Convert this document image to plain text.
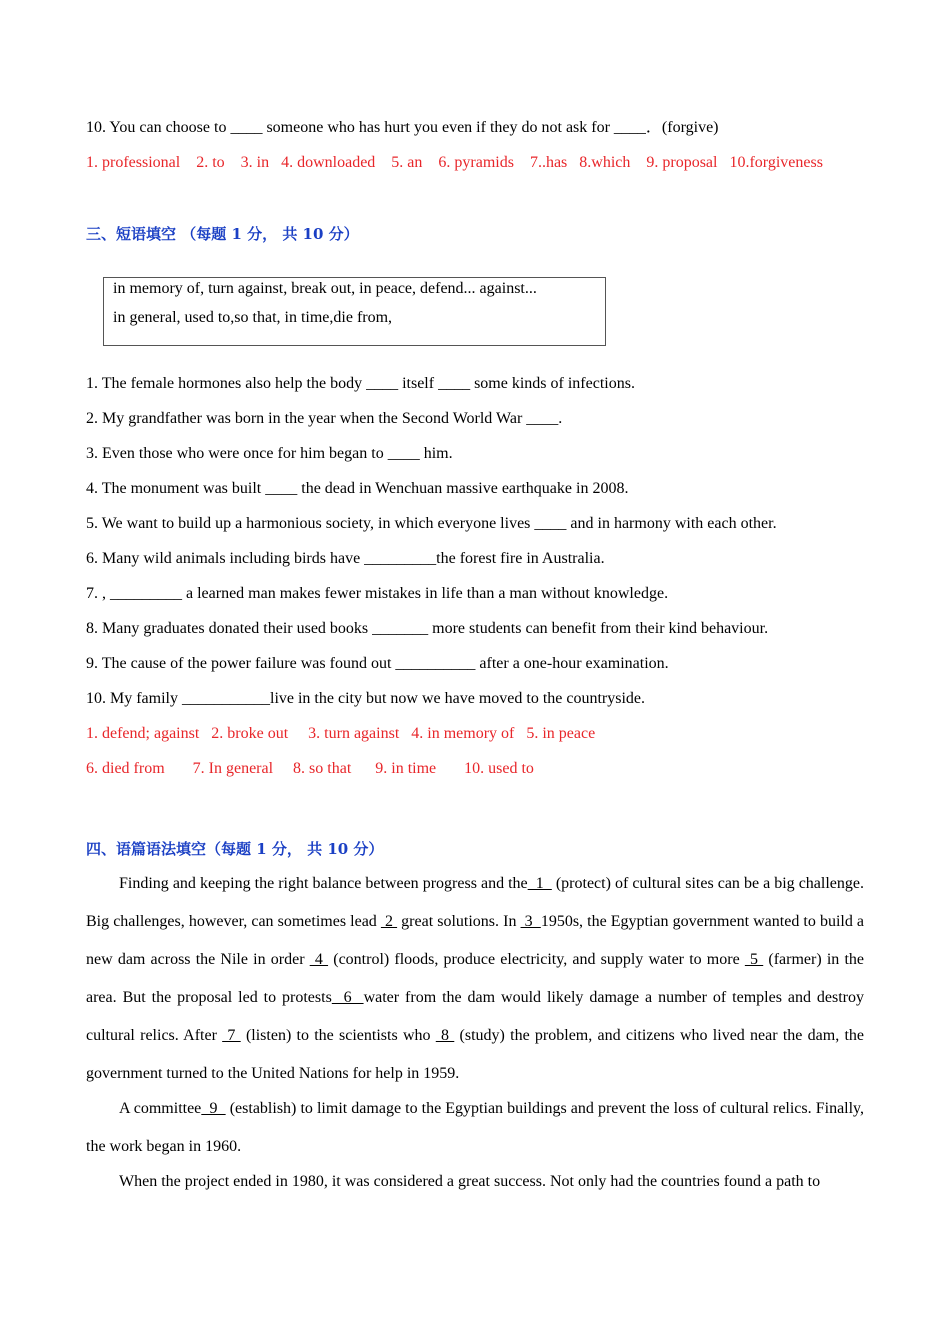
10. You can choose to ____ someone who has hurt you even if they do not ask for ____．(forgive)
1. professional    2. to    3. in   4. downloaded    5. an    6. pyramids    7..has   8.which    9. proposal   10.forgiveness
三、短语填空 （每题 1 分， 共 10 分）
in memory of, turn against, break out, in peace, defend... against...
in general, used to,so that, in time,die from,
1. The female hormones also help the body ____ itself ____ some kinds of infections.
2. My grandfather was born in the year when the Second World War ____.
3. Even those who were once for him began to ____ him.
4. The monument was built ____ the dead in Wenchuan massive earthquake in 2008.
5. We want to build up a harmonious society, in which everyone lives ____ and in harmony with each other.
6. Many wild animals including birds have _________the forest fire in Australia.
7. , _________ a learned man makes fewer mistakes in life than a man without knowledge.
8. Many graduates donated their used books _______ more students can benefit from their kind behaviour.
9. The cause of the power failure was found out __________ after a one-hour examination.
10. My family ___________live in the city but now we have moved to the countryside.
1. defend; against   2. broke out     3. turn against   4. in memory of   5. in peace
6. died from       7. In general     8. so that      9. in time       10. used to
四、语篇语法填空（每题 1 分， 共 10 分）
Finding and keeping the right balance between progress and the  1   (protect) of cultural sites can be a big challenge. Big challenges, however, can sometimes lead  2  great solutions. In  3  1950s, the Egyptian government wanted to build a new dam across the Nile in order  4  (control) floods, produce electricity, and supply water to more  5  (farmer) in the area. But the proposal led to protests  6  water from the dam would likely damage a number of temples and destroy cultural relics. After  7  (listen) to the scientists who  8  (study) the problem, and citizens who lived near the dam, the government turned to the United Nations for help in 1959.
A committee  9   (establish) to limit damage to the Egyptian buildings and prevent the loss of cultural relics. Finally, the work began in 1960.
When the project ended in 1980, it was considered a great success. Not only had the countries found a path to
